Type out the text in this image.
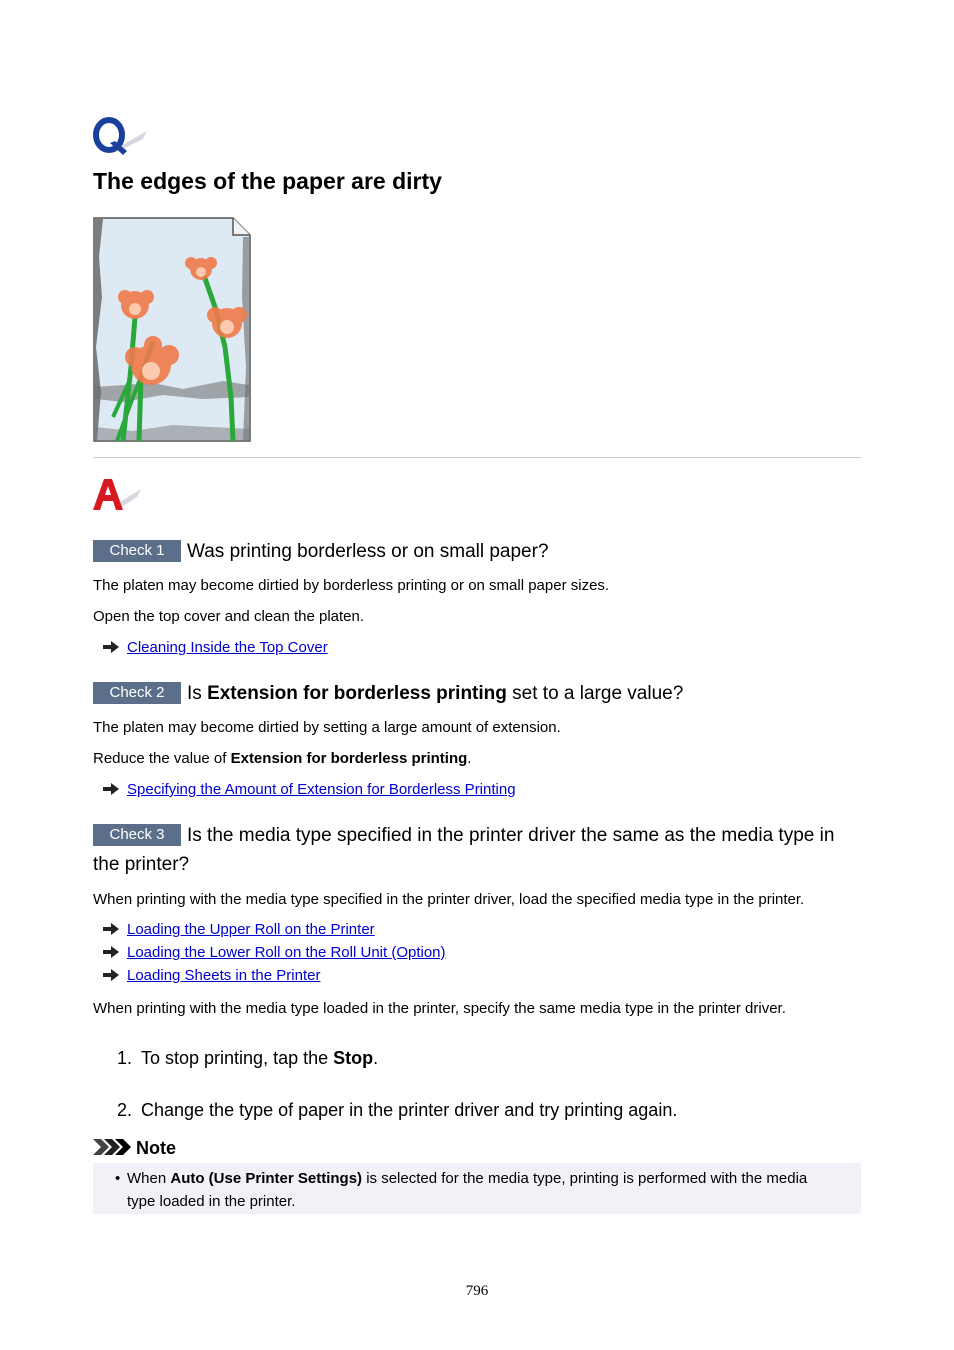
The edges of the paper are dirty
Check 1 Was printing borderless or on small paper?
The platen may become dirtied by borderless printing or on small paper sizes.
Open the top cover and clean the platen.
Cleaning Inside the Top Cover
Check 2 Is Extension for borderless printing set to a large value?
The platen may become dirtied by setting a large amount of extension.
Reduce the value of Extension for borderless printing.
Specifying the Amount of Extension for Borderless Printing
Check 3 Is the media type specified in the printer driver the same as the media type in the printer?
When printing with the media type specified in the printer driver, load the specified media type in the printer.
Loading the Upper Roll on the Printer
Loading the Lower Roll on the Roll Unit (Option)
Loading Sheets in the Printer
When printing with the media type loaded in the printer, specify the same media type in the printer driver.
1. To stop printing, tap the Stop.
2. Change the type of paper in the printer driver and try printing again.
Note
• When Auto (Use Printer Settings) is selected for the media type, printing is performed with the media type loaded in the printer.
796
